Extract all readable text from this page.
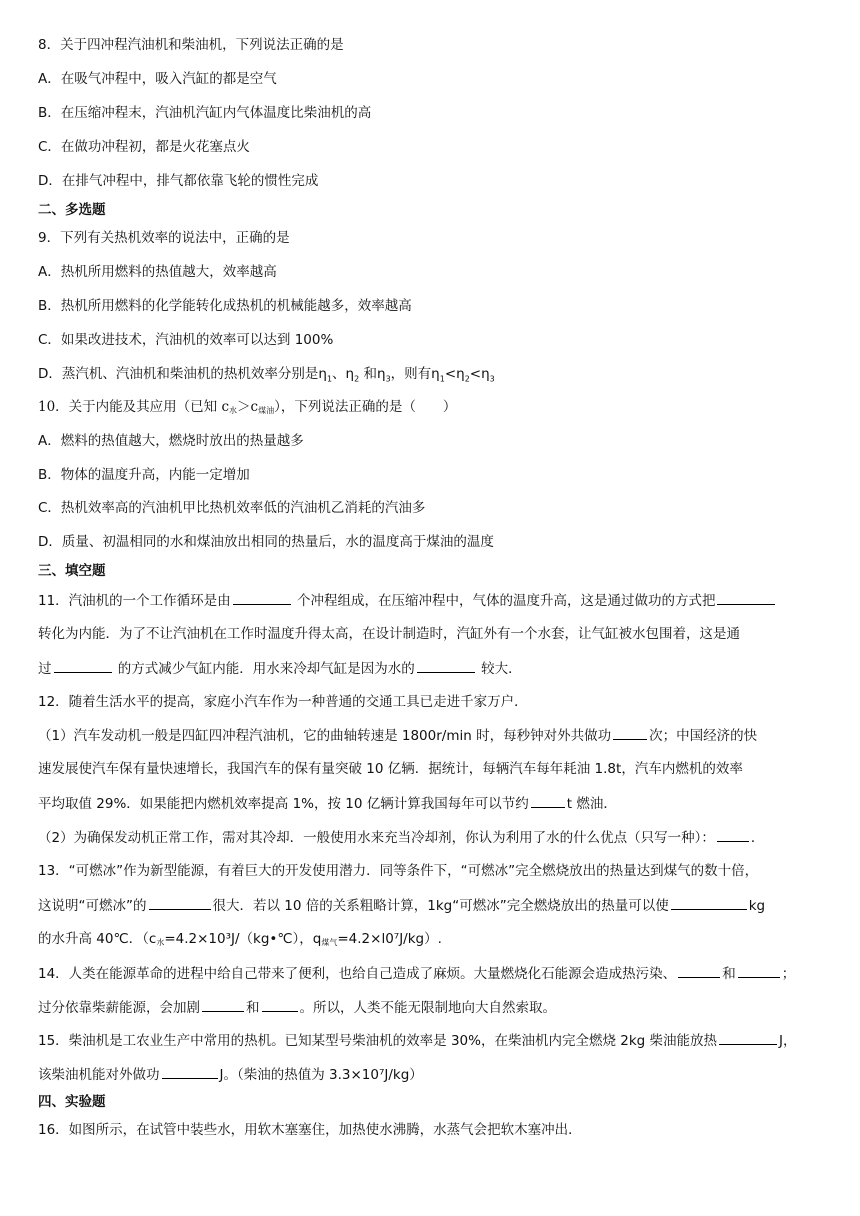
8．关于四冲程汽油机和柴油机，下列说法正确的是
A．在吸气冲程中，吸入汽缸的都是空气
B．在压缩冲程末，汽油机汽缸内气体温度比柴油机的高
C．在做功冲程初，都是火花塞点火
D．在排气冲程中，排气都依靠飞轮的惯性完成
二、多选题
9．下列有关热机效率的说法中，正确的是
A．热机所用燃料的热值越大，效率越高
B．热机所用燃料的化学能转化成热机的机械能越多，效率越高
C．如果改进技术，汽油机的效率可以达到 100%
D．蒸汽机、汽油机和柴油机的热机效率分别是$\eta_1$、$\eta_2$ 和$\eta_3$，则有$\eta_1<\eta_2<\eta_3$
10．关于内能及其应用（已知 c水＞c煤油），下列说法正确的是（　　）
A．燃料的热值越大，燃烧时放出的热量越多
B．物体的温度升高，内能一定增加
C．热机效率高的汽油机甲比热机效率低的汽油机乙消耗的汽油多
D．质量、初温相同的水和煤油放出相同的热量后，水的温度高于煤油的温度
三、填空题
11．汽油机的一个工作循环是由	个冲程组成，在压缩冲程中，气体的温度升高，这是通过做功的方式把
转化为内能．为了不让汽油机在工作时温度升得太高，在设计制造时，汽缸外有一个水套，让气缸被水包围着，这是通
过	的方式减少气缸内能．用水来冷却气缸是因为水的	较大．
12．随着生活水平的提高，家庭小汽车作为一种普通的交通工具已走进千家万户．
（1）汽车发动机一般是四缸四冲程汽油机，它的曲轴转速是 1800r/min 时，每秒钟对外共做功	次；中国经济的快
速发展使汽车保有量快速增长，我国汽车的保有量突破 10 亿辆．据统计，每辆汽车每年耗油 1.8t，汽车内燃机的效率
平均取值 29%．如果能把内燃机效率提高 1%，按 10 亿辆计算我国每年可以节约	t 燃油．
（2）为确保发动机正常工作，需对其冷却．一般使用水来充当冷却剂，你认为利用了水的什么优点（只写一种）：	．
13．“可燃冰”作为新型能源，有着巨大的开发使用潜力．同等条件下，“可燃冰”完全燃烧放出的热量达到煤气的数十倍，
这说明“可燃冰”的	很大．若以 10 倍的关系粗略计算，1kg“可燃冰”完全燃烧放出的热量可以使	kg
的水升高 40℃．（c水=4.2×10³J/（kg•℃），q煤气=4.2×l0⁷J/kg）.
14．人类在能源革命的进程中给自己带来了便利，也给自己造成了麻烦。大量燃烧化石能源会造成热污染、	和	；
过分依靠柴薪能源，会加剧	和	。所以，人类不能无限制地向大自然索取。
15．柴油机是工农业生产中常用的热机。已知某型号柴油机的效率是 30%，在柴油机内完全燃烧 2kg 柴油能放热	J，
该柴油机能对外做功	J。（柴油的热值为 3.3×10⁷J/kg）
四、实验题
16．如图所示，在试管中装些水，用软木塞塞住，加热使水沸腾，水蒸气会把软木塞冲出．
